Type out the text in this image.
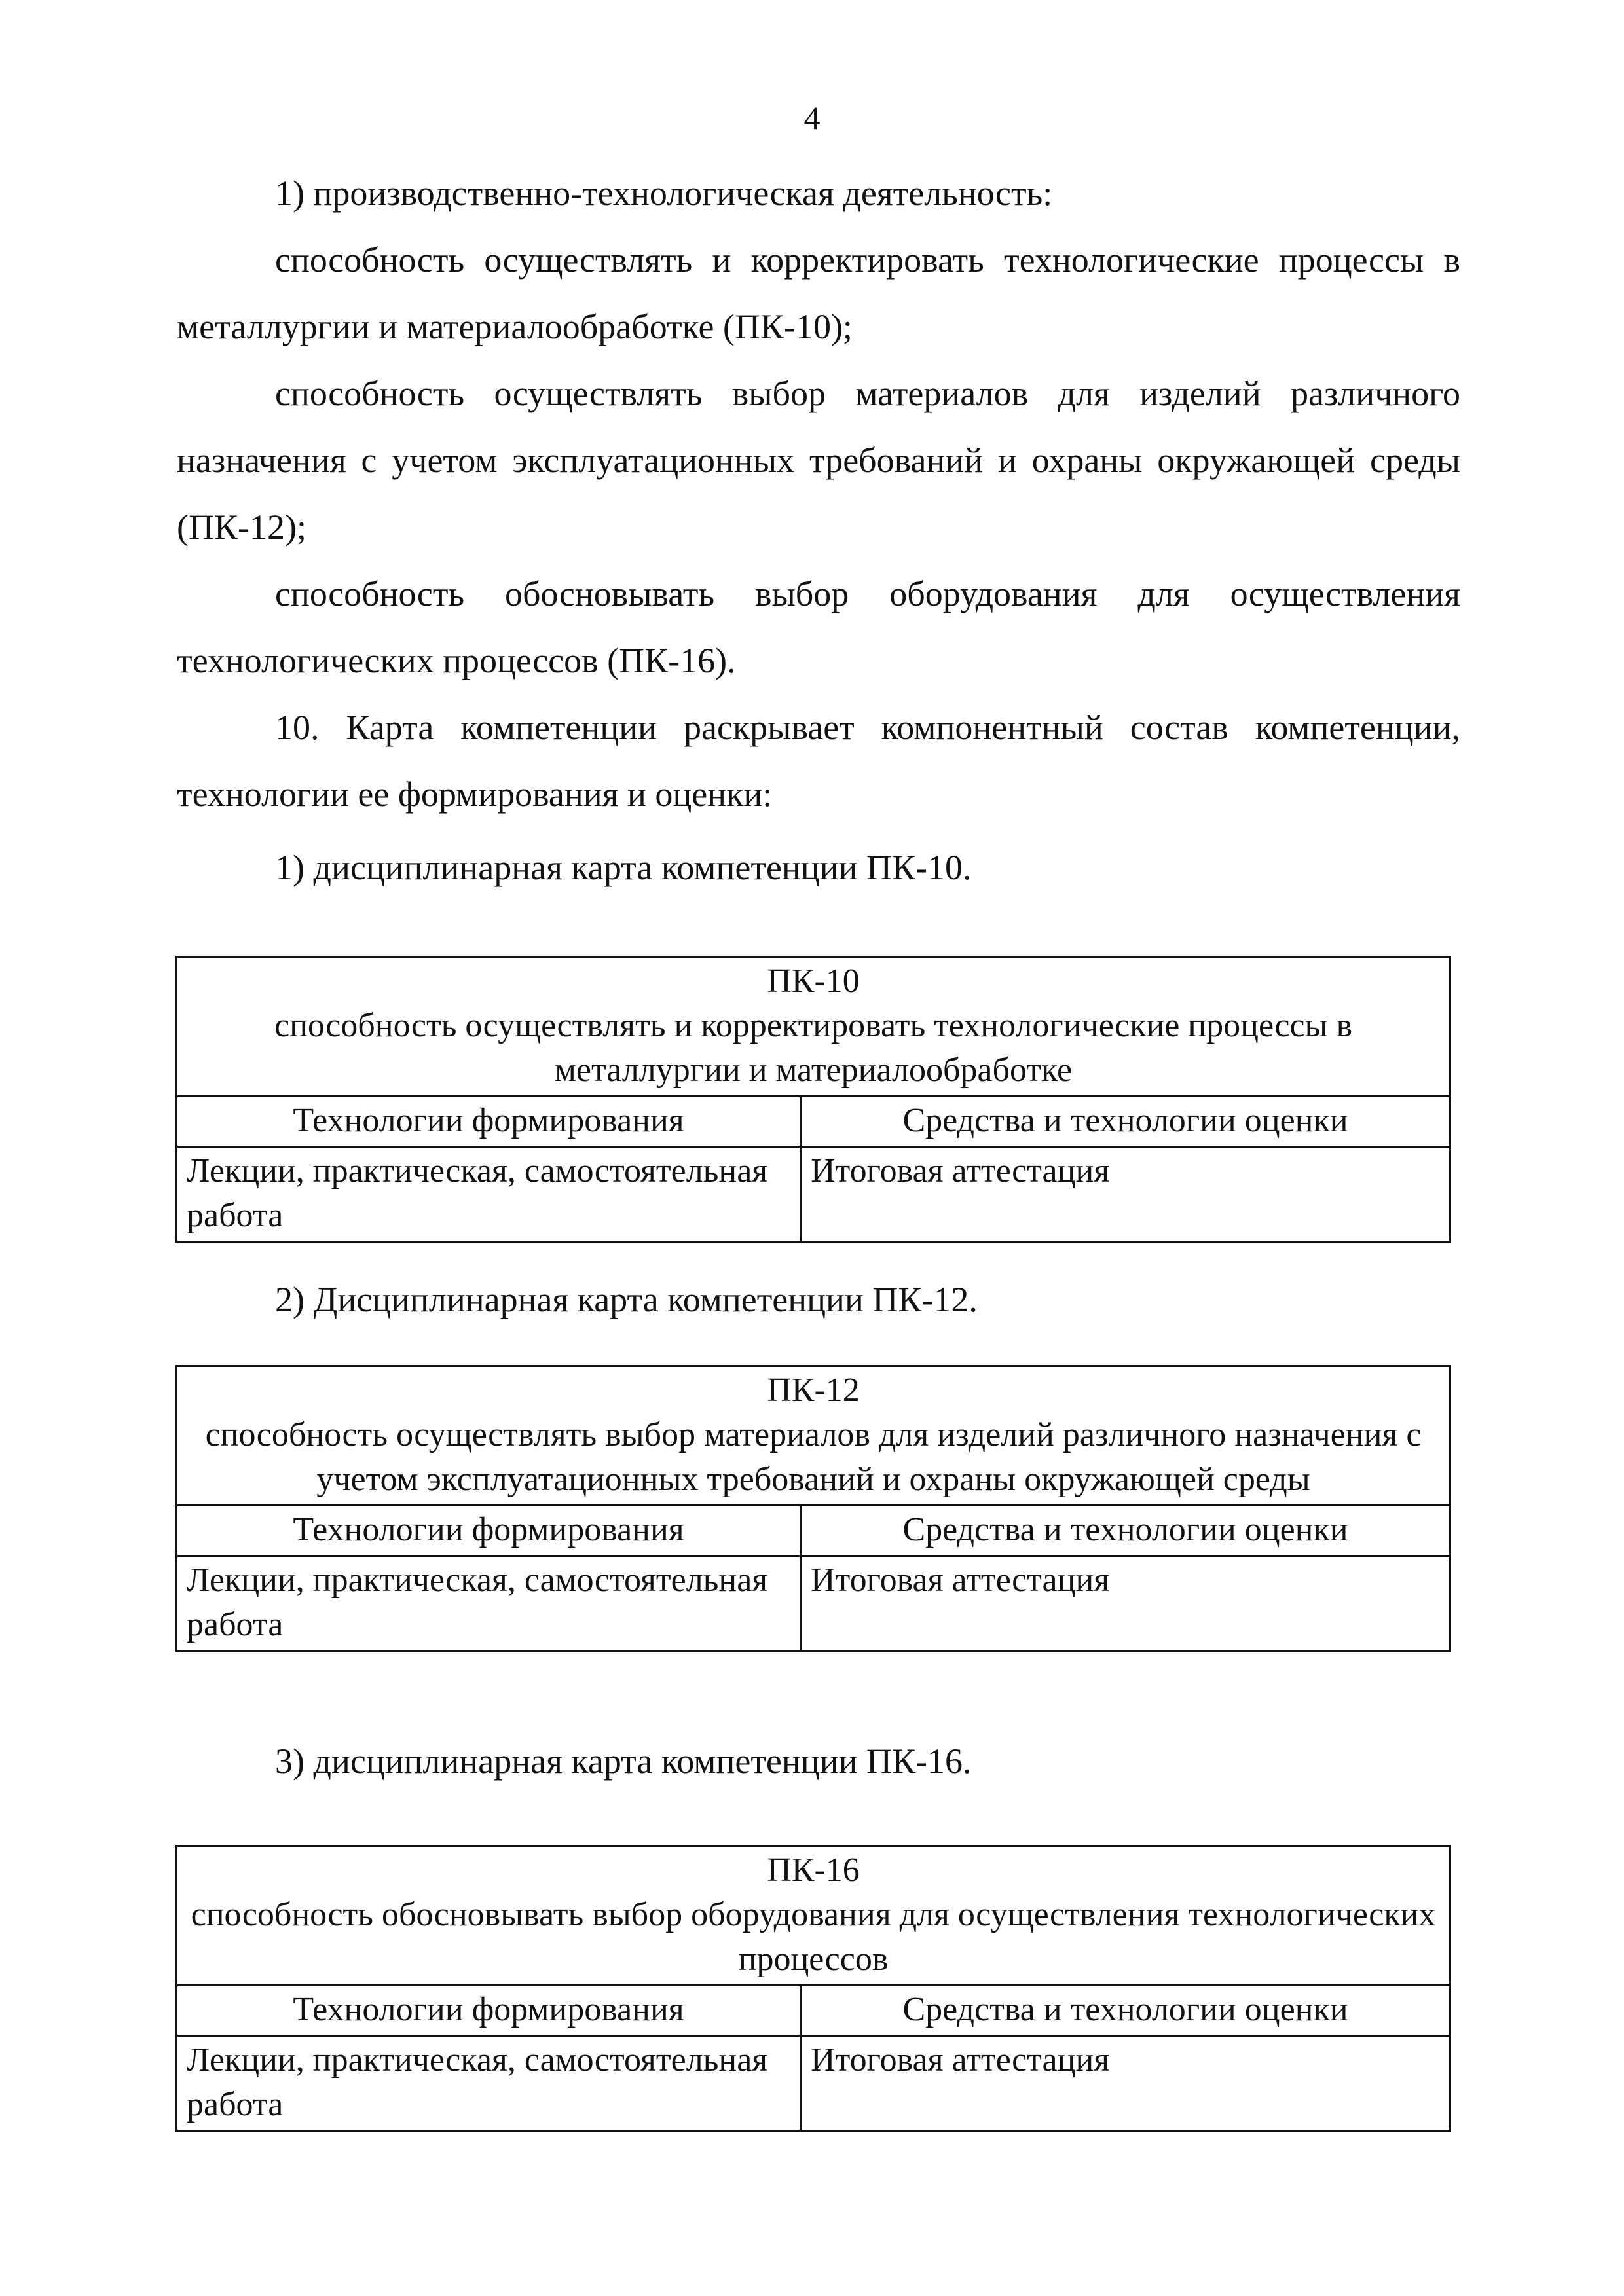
4

1) производственно-технологическая деятельность:

способность осуществлять и корректировать технологические процессы в металлургии и материалообработке (ПК-10);

способность осуществлять выбор материалов для изделий различного назначения с учетом эксплуатационных требований и охраны окружающей среды (ПК-12);

способность обосновывать выбор оборудования для осуществления технологических процессов (ПК-16).

10. Карта компетенции раскрывает компонентный состав компетенции, технологии ее формирования и оценки:

1) дисциплинарная карта компетенции ПК-10.

ПК-10
способность осуществлять и корректировать технологические процессы в металлургии и материалообработке	

Технологии формирования	Средства и технологии оценки
Лекции, практическая, самостоятельная работа	Итоговая аттестация

2) Дисциплинарная карта компетенции ПК-12.

ПК-12
способность осуществлять выбор материалов для изделий различного назначения с учетом эксплуатационных требований и охраны окружающей среды	

Технологии формирования	Средства и технологии оценки
Лекции, практическая, самостоятельная работа	Итоговая аттестация

3) дисциплинарная карта компетенции ПК-16.

ПК-16
способность обосновывать выбор оборудования для осуществления технологических процессов	

Технологии формирования	Средства и технологии оценки
Лекции, практическая, самостоятельная работа	Итоговая аттестация
